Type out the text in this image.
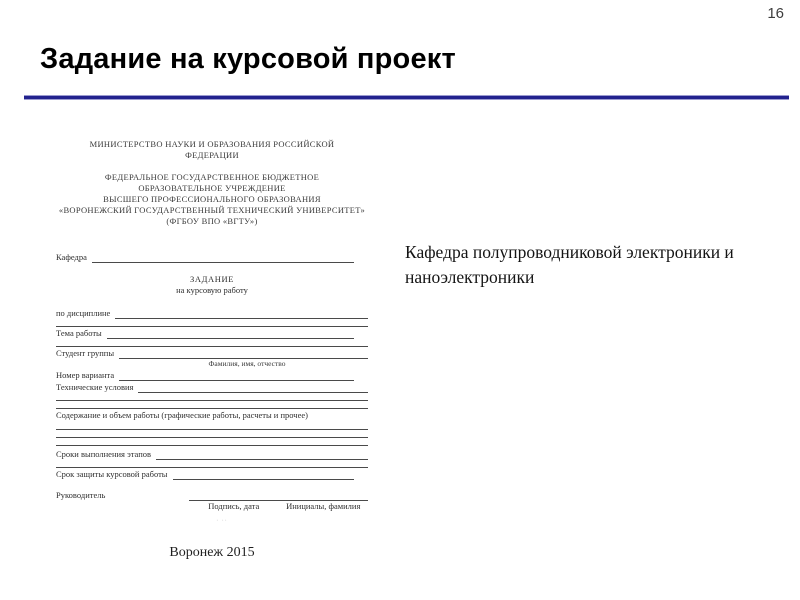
16
Задание на курсовой проект
МИНИСТЕРСТВО НАУКИ И ОБРАЗОВАНИЯ РОССИЙСКОЙ
ФЕДЕРАЦИИ
ФЕДЕРАЛЬНОЕ ГОСУДАРСТВЕННОЕ БЮДЖЕТНОЕ
ОБРАЗОВАТЕЛЬНОЕ УЧРЕЖДЕНИЕ
ВЫСШЕГО ПРОФЕССИОНАЛЬНОГО ОБРАЗОВАНИЯ
«ВОРОНЕЖСКИЙ ГОСУДАРСТВЕННЫЙ ТЕХНИЧЕСКИЙ УНИВЕРСИТЕТ»
(ФГБОУ ВПО «ВГТУ»)
Кафедра
ЗАДАНИЕ
на курсовую работу
по дисциплине
Тема работы
Студент группы
Фамилия, имя, отчество
Номер варианта
Технические условия
Содержание и объем работы (графические работы, расчеты и прочее)
Сроки выполнения этапов
Срок защиты курсовой работы
Руководитель
Подпись, дата	Инициалы, фамилия
· ··
Воронеж 2015
Кафедра полупроводниковой электроники и наноэлектроники
